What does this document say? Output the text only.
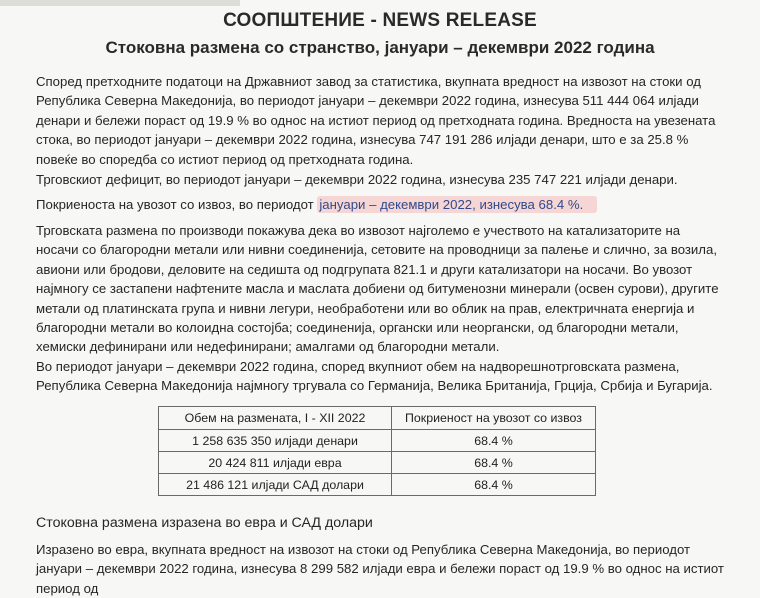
СООПШТЕНИЕ - NEWS RELEASE
Стоковна размена со странство, јануари – декември 2022 година
Според претходните податоци на Државниот завод за статистика, вкупната вредност на извозот на стоки од Република Северна Македонија, во периодот јануари – декември 2022 година, изнесува 511 444 064 илјади денари и бележи пораст од 19.9 % во однос на истиот период од претходната година. Вредноста на увезената стока, во периодот јануари – декември 2022 година, изнесува 747 191 286 илјади денари, што е за 25.8 % повеќе во споредба со истиот период од претходната година.
Трговскиот дефицит, во периодот јануари – декември 2022 година, изнесува 235 747 221 илјади денари.
Покриеноста на увозот со извоз, во периодот јануари – декември 2022, изнесува 68.4 %.
Трговската размена по производи покажува дека во извозот најголемо е учеството на катализаторите на носачи со благородни метали или нивни соединенија, сетовите на проводници за палење и слично, за возила, авиони или бродови, деловите на седишта од подгрупата 821.1 и други катализатори на носачи. Во увозот најмногу се застапени нафтените масла и маслата добиени од битуменозни минерали (освен сурови), другите метали од платинската група и нивни легури, необработени или во облик на прав, електричната енергија и благородни метали во колоидна состојба; соединенија, органски или неоргански, од благородни метали, хемиски дефинирани или недефинирани; амалгами од благородни метали.
Во периодот јануари – декември 2022 година, според вкупниот обем на надворешнотрговската размена, Република Северна Македонија најмногу тргувала со Германија, Велика Британија, Грција, Србија и Бугарија.
Обем на размената, I - XII 2022	Покриеност на увозот со извоз
1 258 635 350 илјади денари	68.4 %
20 424 811 илјади евра	68.4 %
21 486 121 илјади САД долари	68.4 %
Стоковна размена изразена во евра и САД долари
Изразено во евра, вкупната вредност на извозот на стоки од Република Северна Македонија, во периодот јануари – декември 2022 година, изнесува 8 299 582 илјади евра и бележи пораст од 19.9 % во однос на истиот период од
